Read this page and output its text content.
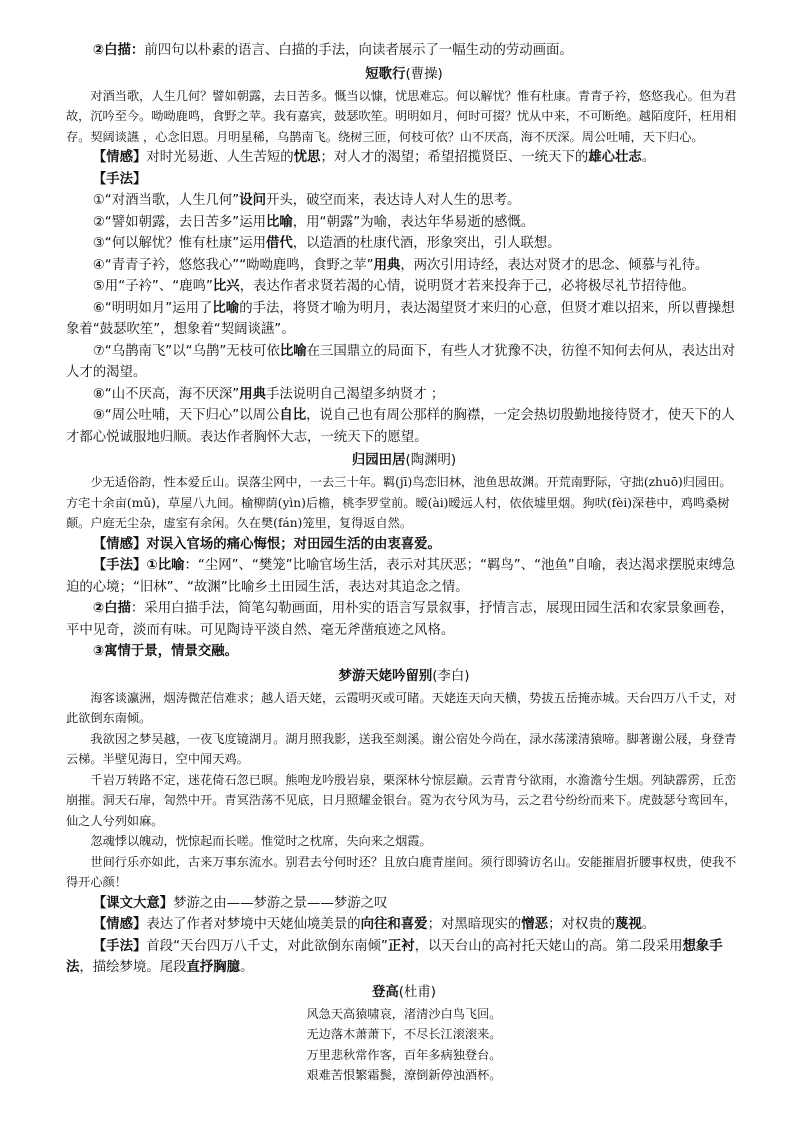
②白描：前四句以朴素的语言、白描的手法，向读者展示了一幅生动的劳动画面。

短歌行(曹操)

对酒当歌，人生几何？譬如朝露，去日苦多。慨当以慷，忧思难忘。何以解忧？惟有杜康。青青子衿，悠悠我心。但为君故，沉吟至今。呦呦鹿鸣，食野之苹。我有嘉宾，鼓瑟吹笙。明明如月，何时可掇？忧从中来，不可断绝。越陌度阡，枉用相存。契阔谈讌 ，心念旧恩。月明星稀，乌鹊南飞。绕树三匝，何枝可依？山不厌高，海不厌深。周公吐哺，天下归心。

【情感】对时光易逝、人生苦短的忧思；对人才的渴望；希望招揽贤臣、一统天下的雄心壮志。

【手法】

①“对酒当歌，人生几何”设问开头，破空而来，表达诗人对人生的思考。

②“譬如朝露，去日苦多”运用比喻，用“朝露”为喻，表达年华易逝的感慨。

③“何以解忧？惟有杜康”运用借代，以造酒的杜康代酒，形象突出，引人联想。

④“青青子衿，悠悠我心”“呦呦鹿鸣，食野之苹”用典，两次引用诗经，表达对贤才的思念、倾慕与礼待。

⑤用“子衿”、“鹿鸣”比兴，表达作者求贤若渴的心情，说明贤才若来投奔于己，必将极尽礼节招待他。

⑥“明明如月”运用了比喻的手法，将贤才喻为明月，表达渴望贤才来归的心意，但贤才难以招来，所以曹操想象着“鼓瑟吹笙”，想象着“契阔谈讌”。

⑦“乌鹊南飞”以“乌鹊”无枝可依比喻在三国鼎立的局面下，有些人才犹豫不决，彷徨不知何去何从，表达出对人才的渴望。

⑧“山不厌高，海不厌深”用典手法说明自己渴望多纳贤才 ；

⑨“周公吐哺，天下归心”以周公自比，说自己也有周公那样的胸襟，一定会热切殷勤地接待贤才，使天下的人才都心悦诚服地归顺。表达作者胸怀大志，一统天下的愿望。

归园田居(陶渊明)

少无适俗韵，性本爱丘山。误落尘网中，一去三十年。羁(jī)鸟恋旧林，池鱼思故渊。开荒南野际，守拙(zhuō)归园田。方宅十余亩(mǔ)，草屋八九间。榆柳荫(yìn)后檐，桃李罗堂前。暧(ài)暧远人村，依依墟里烟。狗吠(fèi)深巷中，鸡鸣桑树颠。户庭无尘杂，虚室有余闲。久在樊(fán)笼里，复得返自然。

【情感】对误入官场的痛心悔恨；对田园生活的由衷喜爱。

【手法】①比喻：“尘网”、“樊笼”比喻官场生活，表示对其厌恶；“羁鸟”、“池鱼”自喻，表达渴求摆脱束缚急迫的心境；“旧林”、“故渊”比喻乡土田园生活，表达对其追念之情。

②白描：采用白描手法，简笔勾勒画面，用朴实的语言写景叙事，抒情言志，展现田园生活和农家景象画卷，平中见奇，淡而有味。可见陶诗平淡自然、毫无斧凿痕迹之风格。

③寓情于景，情景交融。

梦游天姥吟留别(李白)

海客谈瀛洲，烟涛微茫信难求；越人语天姥，云霞明灭或可睹。天姥连天向天横，势拔五岳掩赤城。天台四万八千丈，对此欲倒东南倾。

我欲因之梦吴越，一夜飞度镜湖月。湖月照我影，送我至剡溪。谢公宿处今尚在，渌水荡漾清猿啼。脚著谢公屐，身登青云梯。半壁见海日，空中闻天鸡。

千岩万转路不定，迷花倚石忽已暝。熊咆龙吟殷岩泉，栗深林兮惊层巅。云青青兮欲雨，水澹澹兮生烟。列缺霹雳，丘峦崩摧。洞天石扉，訇然中开。青冥浩荡不见底，日月照耀金银台。霓为衣兮风为马，云之君兮纷纷而来下。虎鼓瑟兮鸾回车，仙之人兮列如麻。

忽魂悸以魄动，恍惊起而长嗟。惟觉时之枕席，失向来之烟霞。

世间行乐亦如此，古来万事东流水。别君去兮何时还？且放白鹿青崖间。须行即骑访名山。安能摧眉折腰事权贵，使我不得开心颜！

【课文大意】梦游之由——梦游之景——梦游之叹

【情感】表达了作者对梦境中天姥仙境美景的向往和喜爱；对黑暗现实的憎恶；对权贵的蔑视。

【手法】首段“天台四万八千丈，对此欲倒东南倾”正衬，以天台山的高衬托天姥山的高。第二段采用想象手法，描绘梦境。尾段直抒胸臆。

登高(杜甫)

风急天高猿啸哀，渚清沙白鸟飞回。
无边落木萧萧下，不尽长江滚滚来。
万里悲秋常作客，百年多病独登台。
艰难苦恨繁霜鬓，潦倒新停浊酒杯。
